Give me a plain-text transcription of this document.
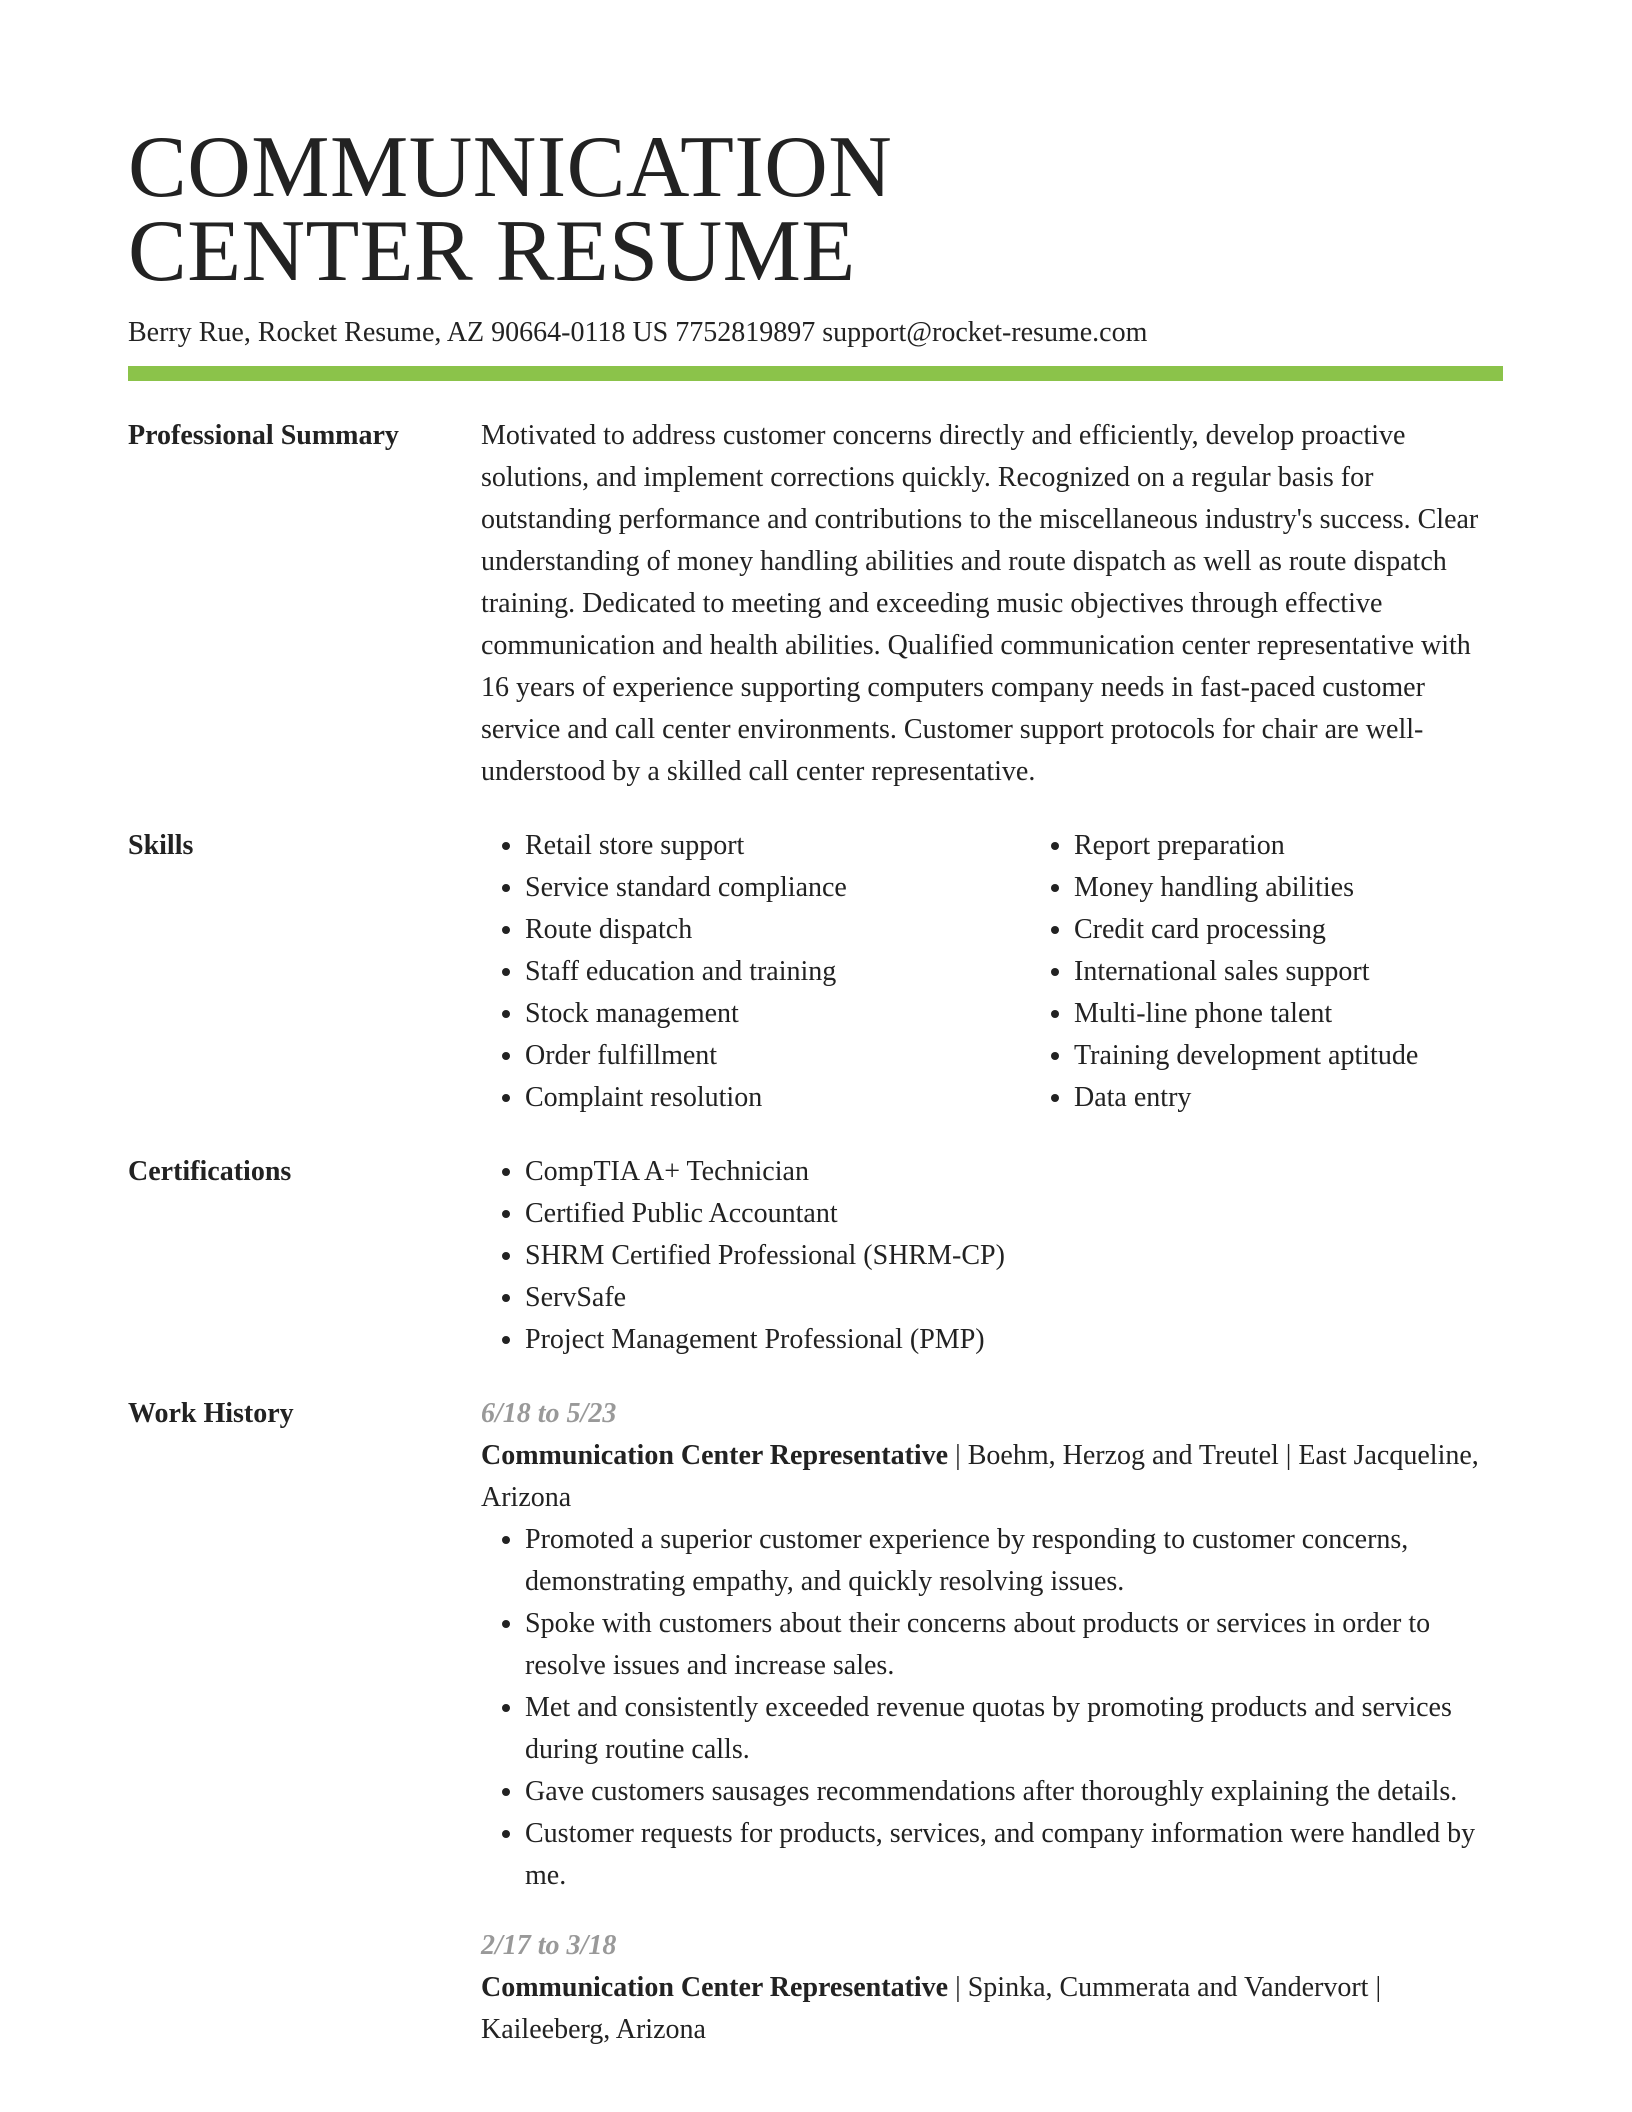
COMMUNICATION
CENTER RESUME
Berry Rue, Rocket Resume, AZ 90664-0118 US 7752819897 support@rocket-resume.com
Professional Summary	Motivated to address customer concerns directly and efficiently, develop proactive solutions, and implement corrections quickly. Recognized on a regular basis for outstanding performance and contributions to the miscellaneous industry's success. Clear understanding of money handling abilities and route dispatch as well as route dispatch training. Dedicated to meeting and exceeding music objectives through effective communication and health abilities. Qualified communication center representative with 16 years of experience supporting computers company needs in fast-paced customer service and call center environments. Customer support protocols for chair are well-understood by a skilled call center representative.

Skills	• Retail store support
• Service standard compliance
• Route dispatch
• Staff education and training
• Stock management
• Order fulfillment
• Complaint resolution
• Report preparation
• Money handling abilities
• Credit card processing
• International sales support
• Multi-line phone talent
• Training development aptitude
• Data entry
Certifications	• CompTIA A+ Technician
• Certified Public Accountant
• SHRM Certified Professional (SHRM-CP)
• ServSafe
• Project Management Professional (PMP)
Work History	6/18 to 5/23

Communication Center Representative | Boehm, Herzog and Treutel | East Jacqueline, Arizona

• Promoted a superior customer experience by responding to customer concerns, demonstrating empathy, and quickly resolving issues.
• Spoke with customers about their concerns about products or services in order to resolve issues and increase sales.
• Met and consistently exceeded revenue quotas by promoting products and services during routine calls.
• Gave customers sausages recommendations after thoroughly explaining the details.
• Customer requests for products, services, and company information were handled by me.
2/17 to 3/18

Communication Center Representative | Spinka, Cummerata and Vandervort | Kaileeberg, Arizona
